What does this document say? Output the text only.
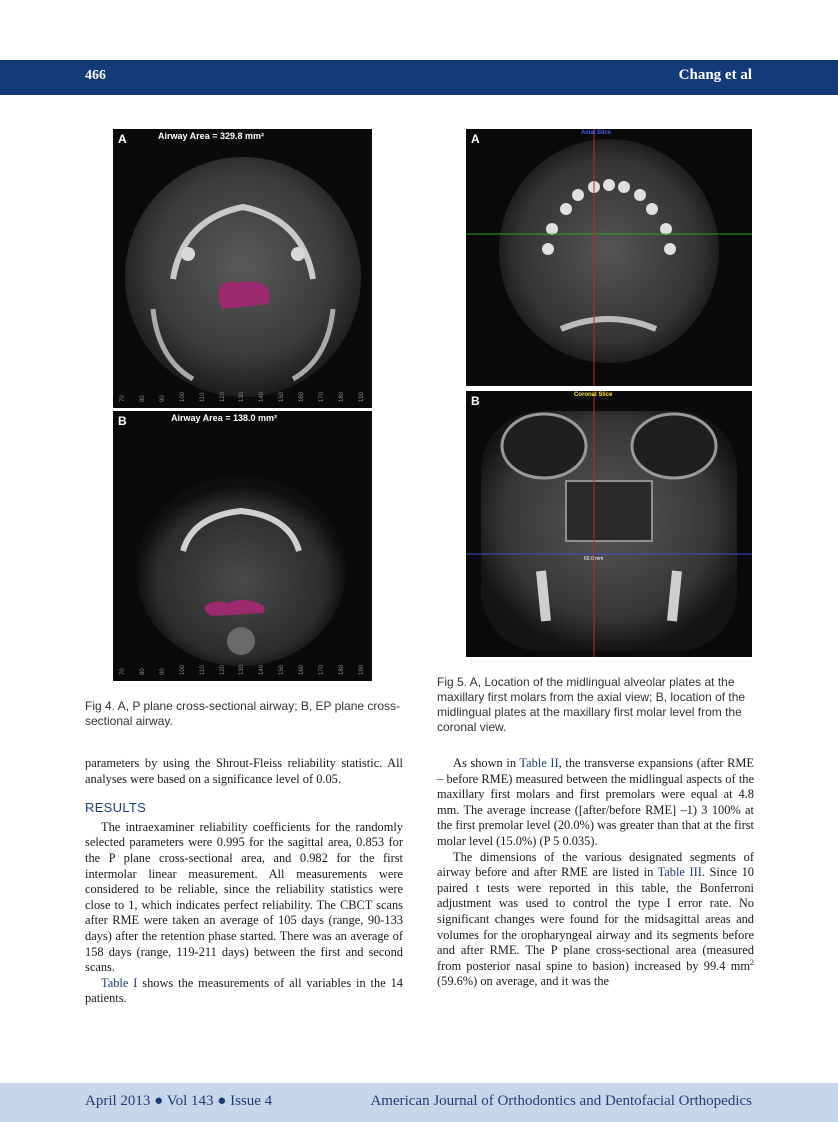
466	Chang et al
A	Airway Area = 329.8 mm²
70 80 90 100 110 120 130 140 150 160 170 180 190
B	Airway Area = 138.0 mm²
70 80 90 100 110 120 130 140 150 160 170 180 190
Fig 4. A, P plane cross-sectional airway; B, EP plane cross-sectional airway.
A	Axial Slice
B	Coronal Slice
60.0 mm
Fig 5. A, Location of the midlingual alveolar plates at the maxillary first molars from the axial view; B, location of the midlingual plates at the maxillary first molar level from the coronal view.

parameters by using the Shrout-Fleiss reliability statistic. All analyses were based on a significance level of 0.05.

RESULTS

The intraexaminer reliability coefficients for the randomly selected parameters were 0.995 for the sagittal area, 0.853 for the P plane cross-sectional area, and 0.982 for the first intermolar linear measurement. All measurements were considered to be reliable, since the reliability statistics were close to 1, which indicates perfect reliability. The CBCT scans after RME were taken an average of 105 days (range, 90-133 days) after the retention phase started. There was an average of 158 days (range, 119-211 days) between the first and second scans.

Table I shows the measurements of all variables in the 14 patients.

As shown in Table II, the transverse expansions (after RME – before RME) measured between the midlingual aspects of the maxillary first molars and first premolars were equal at 4.8 mm. The average increase ([after/before RME] –1) 3 100% at the first premolar level (20.0%) was greater than that at the first molar level (15.0%) (P 5 0.035).

The dimensions of the various designated segments of airway before and after RME are listed in Table III. Since 10 paired t tests were reported in this table, the Bonferroni adjustment was used to control the type I error rate. No significant changes were found for the midsagittal areas and volumes for the oropharyngeal airway and its segments before and after RME. The P plane cross-sectional area (measured from posterior nasal spine to basion) increased by 99.4 $mm^2$ (59.6%) on average, and it was the

April 2013 ● Vol 143 ● Issue 4	American Journal of Orthodontics and Dentofacial Orthopedics
